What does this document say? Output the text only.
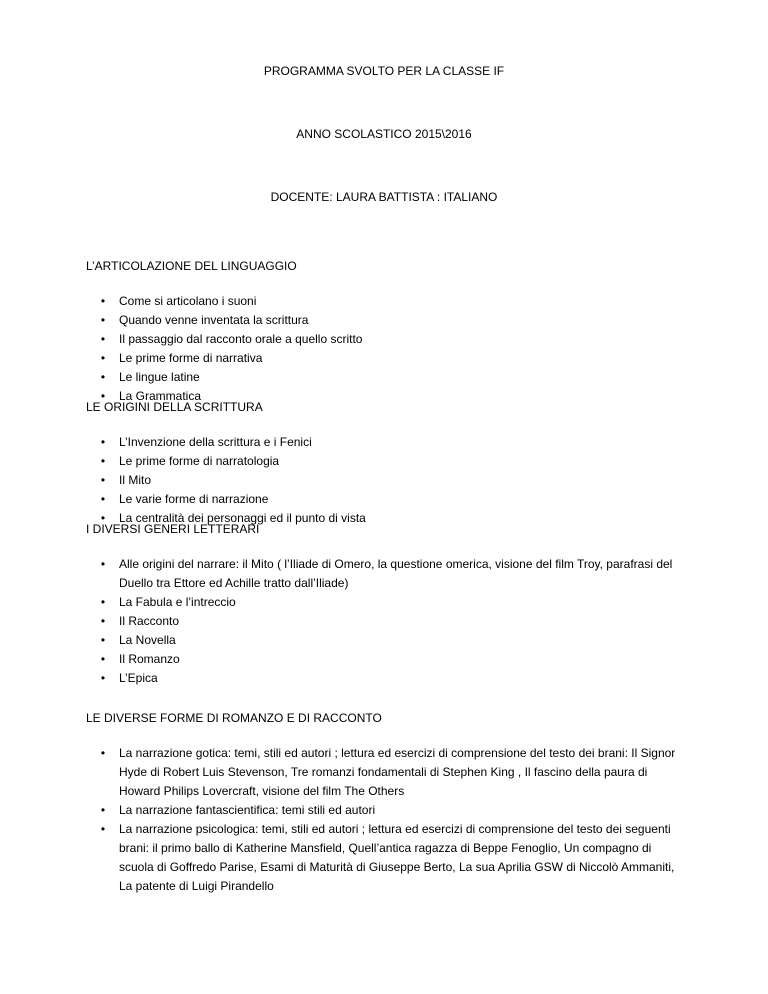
PROGRAMMA SVOLTO PER LA CLASSE IF
ANNO SCOLASTICO 2015\2016
DOCENTE: LAURA BATTISTA : ITALIANO

L’ARTICOLAZIONE DEL LINGUAGGIO

• Come si articolano i suoni
• Quando venne inventata la scrittura
• Il passaggio dal racconto orale a quello scritto
• Le prime forme di narrativa
• Le lingue latine
• La Grammatica

LE ORIGINI DELLA SCRITTURA

• L’Invenzione della scrittura e i Fenici
• Le prime forme di narratologia
• Il Mito
• Le varie forme di narrazione
• La centralità dei personaggi ed il punto di vista

I DIVERSI GENERI LETTERARI

• Alle origini del narrare: il Mito ( l’Iliade di Omero, la questione omerica, visione del film Troy, parafrasi del Duello tra Ettore ed Achille tratto dall’Iliade)
• La Fabula e l’intreccio
• Il Racconto
• La Novella
• Il Romanzo
• L’Epica

LE DIVERSE FORME DI ROMANZO E DI RACCONTO

• La narrazione gotica: temi, stili ed autori ; lettura ed esercizi di comprensione del testo dei brani: Il Signor Hyde di Robert Luis Stevenson, Tre romanzi fondamentali di Stephen King , Il fascino della paura di Howard Philips Lovercraft, visione del film The Others
• La narrazione fantascientifica: temi stili ed autori
• La narrazione psicologica: temi, stili ed autori ; lettura ed esercizi di comprensione del testo dei seguenti brani: il primo ballo di Katherine Mansfield, Quell’antica ragazza di Beppe Fenoglio, Un compagno di scuola di Goffredo Parise, Esami di Maturità di Giuseppe Berto, La sua Aprilia GSW di Niccolò Ammaniti, La patente di Luigi Pirandello
